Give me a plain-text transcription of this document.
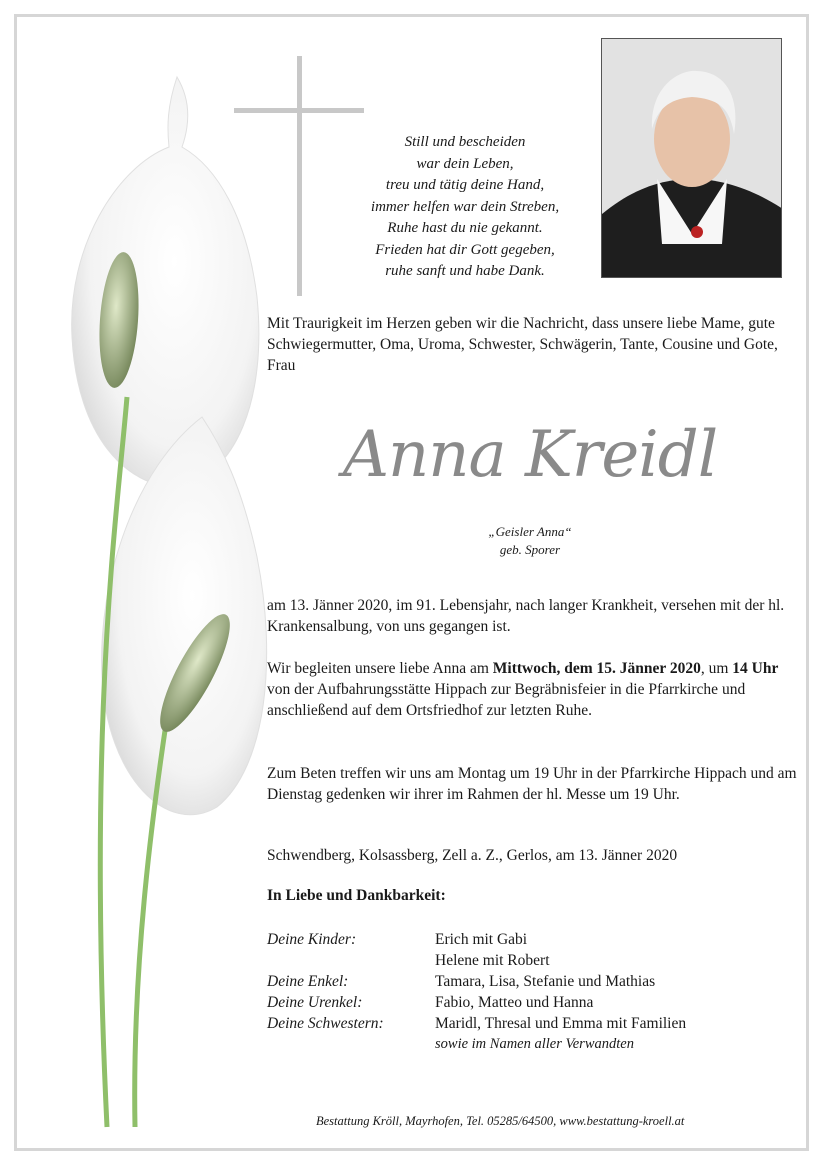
Still und bescheiden
war dein Leben,
treu und tätig deine Hand,
immer helfen war dein Streben,
Ruhe hast du nie gekannt.
Frieden hat dir Gott gegeben,
ruhe sanft und habe Dank.
Mit Traurigkeit im Herzen geben wir die Nachricht, dass unsere liebe Mame, gute Schwiegermutter, Oma, Uroma, Schwester, Schwägerin, Tante, Cousine und Gote, Frau
Anna Kreidl
„Geisler Anna“
geb. Sporer
am 13. Jänner 2020, im 91. Lebensjahr, nach langer Krankheit, versehen mit der hl. Krankensalbung, von uns gegangen ist.
Wir begleiten unsere liebe Anna am Mittwoch, dem 15. Jänner 2020, um 14 Uhr von der Aufbahrungsstätte Hippach zur Begräbnisfeier in die Pfarrkirche und anschließend auf dem Ortsfriedhof zur letzten Ruhe.
Zum Beten treffen wir uns am Montag um 19 Uhr in der Pfarrkirche Hippach und am Dienstag gedenken wir ihrer im Rahmen der hl. Messe um 19 Uhr.
Schwendberg, Kolsassberg, Zell a. Z., Gerlos, am 13. Jänner 2020
In Liebe und Dankbarkeit:
Deine Kinder:	Erich mit Gabi
Helene mit Robert
Deine Enkel:	Tamara, Lisa, Stefanie und Mathias
Deine Urenkel:	Fabio, Matteo und Hanna
Deine Schwestern:	Maridl, Thresal und Emma mit Familien
sowie im Namen aller Verwandten
Bestattung Kröll, Mayrhofen, Tel. 05285/64500, www.bestattung-kroell.at
